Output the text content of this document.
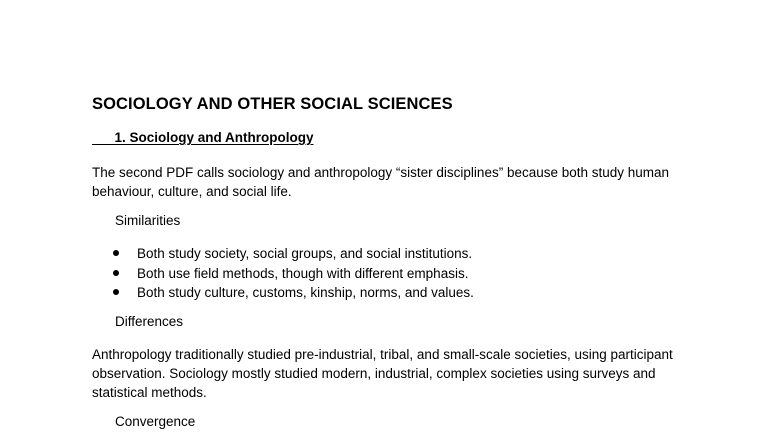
SOCIOLOGY AND OTHER SOCIAL SCIENCES
1. Sociology and Anthropology
The second PDF calls sociology and anthropology “sister disciplines” because both study human behaviour, culture, and social life.
Similarities
Both study society, social groups, and social institutions.
Both use field methods, though with different emphasis.
Both study culture, customs, kinship, norms, and values.
Differences
Anthropology traditionally studied pre-industrial, tribal, and small-scale societies, using participant observation. Sociology mostly studied modern, industrial, complex societies using surveys and statistical methods.
Convergence
